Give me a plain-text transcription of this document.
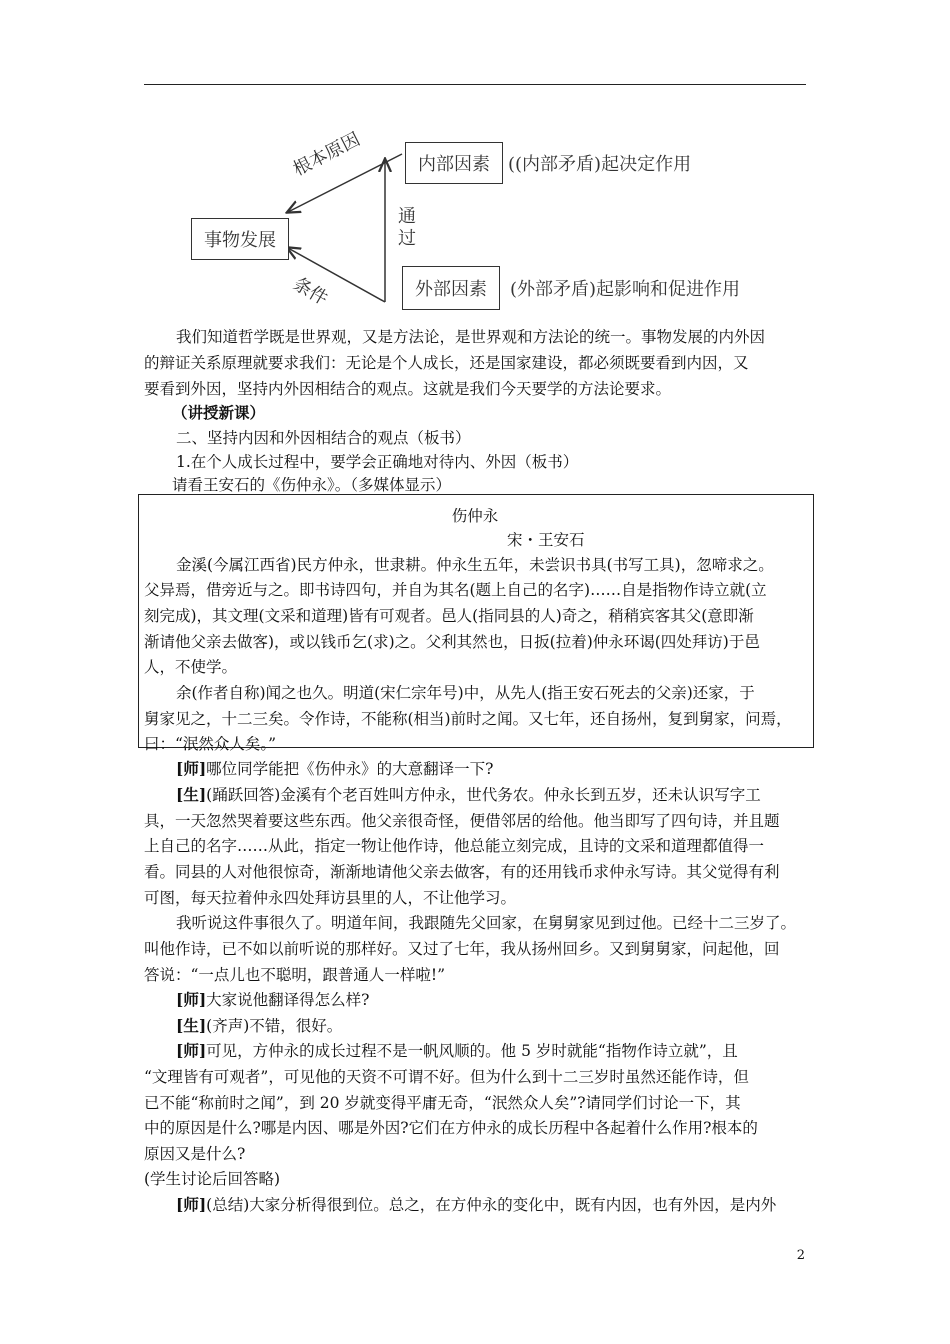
事物发展
内部因素
外部因素
((内部矛盾)起决定作用
(外部矛盾)起影响和促进作用
根本原因
条件
通
过
我们知道哲学既是世界观，又是方法论，是世界观和方法论的统一。事物发展的内外因
的辩证关系原理就要求我们：无论是个人成长，还是国家建设，都必须既要看到内因，又
要看到外因，坚持内外因相结合的观点。这就是我们今天要学的方法论要求。
（讲授新课）
二、坚持内因和外因相结合的观点（板书）
1.在个人成长过程中，要学会正确地对待内、外因（板书）
请看王安石的《伤仲永》。（多媒体显示）
伤仲永
宋・王安石
金溪(今属江西省)民方仲永，世隶耕。仲永生五年，未尝识书具(书写工具)，忽啼求之。
父异焉，借旁近与之。即书诗四句，并自为其名(题上自己的名字)……自是指物作诗立就(立
刻完成)，其文理(文采和道理)皆有可观者。邑人(指同县的人)奇之，稍稍宾客其父(意即渐
渐请他父亲去做客)，或以钱币乞(求)之。父利其然也，日扳(拉着)仲永环谒(四处拜访)于邑
人，不使学。
余(作者自称)闻之也久。明道(宋仁宗年号)中，从先人(指王安石死去的父亲)还家，于
舅家见之，十二三矣。令作诗，不能称(相当)前时之闻。又七年，还自扬州，复到舅家，问焉，
曰：“泯然众人矣。”
[师]哪位同学能把《伤仲永》的大意翻译一下?
[生](踊跃回答)金溪有个老百姓叫方仲永，世代务农。仲永长到五岁，还未认识写字工
具，一天忽然哭着要这些东西。他父亲很奇怪，便借邻居的给他。他当即写了四句诗，并且题
上自己的名字……从此，指定一物让他作诗，他总能立刻完成，且诗的文采和道理都值得一
看。同县的人对他很惊奇，渐渐地请他父亲去做客，有的还用钱币求仲永写诗。其父觉得有利
可图，每天拉着仲永四处拜访县里的人，不让他学习。
我听说这件事很久了。明道年间，我跟随先父回家，在舅舅家见到过他。已经十二三岁了。
叫他作诗，已不如以前听说的那样好。又过了七年，我从扬州回乡。又到舅舅家，问起他，回
答说：“一点儿也不聪明，跟普通人一样啦!”
[师]大家说他翻译得怎么样?
[生](齐声)不错，很好。
[师]可见，方仲永的成长过程不是一帆风顺的。他 5 岁时就能“指物作诗立就”，且
“文理皆有可观者”，可见他的天资不可谓不好。但为什么到十二三岁时虽然还能作诗，但
已不能“称前时之闻”，到 20 岁就变得平庸无奇，“泯然众人矣”?请同学们讨论一下，其
中的原因是什么?哪是内因、哪是外因?它们在方仲永的成长历程中各起着什么作用?根本的
原因又是什么?
(学生讨论后回答略)
[师](总结)大家分析得很到位。总之，在方仲永的变化中，既有内因，也有外因，是内外
2
